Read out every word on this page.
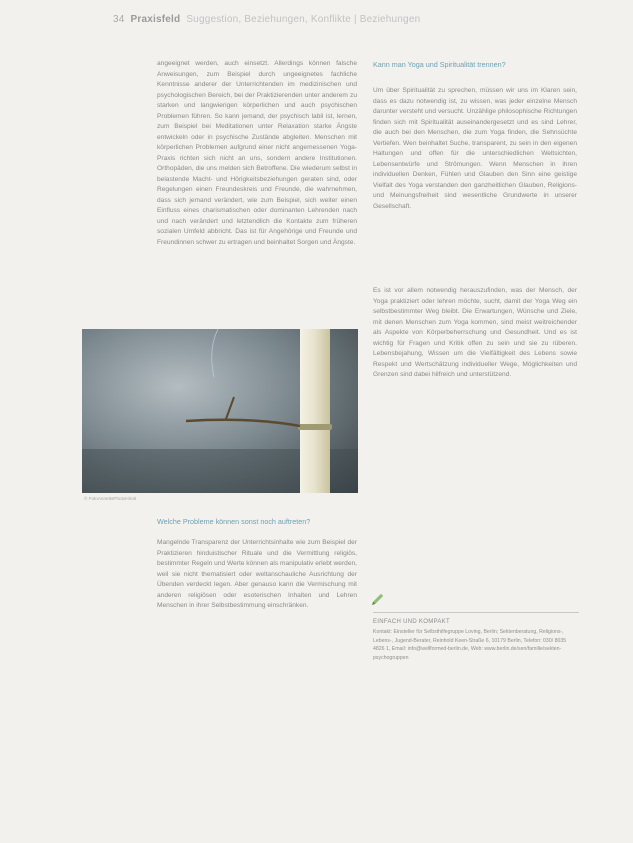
34 Praxisfeld Suggestion, Beziehungen, Konflikte | Beziehungen

angeeignet werden, auch einsetzt. Allerdings können falsche Anweisungen, zum Beispiel durch ungeeignetes fachliche Kenntnisse anderer der Unterrichtenden im medizinischen und psychologischen Bereich, bei der Praktizierenden unter anderem zu starken und langwierigen körperlichen und auch psychischen Problemen führen. So kann jemand, der psychisch labil ist, lernen, zum Beispiel bei Meditationen unter Relaxation starke Ängste entwickeln oder in psychische Zustände abgleiten. Menschen mit körperlichen Problemen aufgrund einer nicht angemessenen Yoga-Praxis richten sich nicht an uns, sondern andere Institutionen. Orthopäden, die uns melden sich Betroffene. Die wiederum selbst in belastende Macht- und Hörigkeitsbeziehungen geraten sind, oder Regelungen einen Freundeskreis und Freunde, die wahrnehmen, dass sich jemand verändert, wie zum Beispiel, sich weiter einen Einfluss eines charismatischen oder dominanten Lehrenden nach und nach verändert und letztendlich die Kontakte zum früheren sozialen Umfeld abbricht. Das ist für Angehörige und Freunde und Freundinnen schwer zu ertragen und beinhaltet Sorgen und Ängste.

Kann man Yoga und Spiritualität trennen?

Um über Spiritualität zu sprechen, müssen wir uns im Klaren sein, dass es dazu notwendig ist, zu wissen, was jeder einzelne Mensch darunter versteht und versucht. Unzählige philosophische Richtungen finden sich mit Spiritualität auseinandergesetzt und es sind Lehrer, die auch bei den Menschen, die zum Yoga finden, die Sehnsüchte Vertiefen. Wen beinhaltet Suche, transparent, zu sein in den eigenen Haltungen und offen für die unterschiedlichen Weltsichten, Lebensentwürfe und Strömungen. Wenn Menschen in ihren individuellen Denken, Fühlen und Glauben den Sinn eine geistige Vielfalt des Yoga verstanden den ganzheitlichen Glauben, Religions- und Meinungsfreiheit sind wesentliche Grundwerte in unserer Gesellschaft.

Es ist vor allem notwendig herauszufinden, was der Mensch, der Yoga praktiziert oder lehren möchte, sucht, damit der Yoga Weg ein selbstbestimmter Weg bleibt. Die Erwartungen, Wünsche und Ziele, mit denen Menschen zum Yoga kommen, sind meist weitreichender als Aspekte von Körperbeherrschung und Gesundheit. Und es ist wichtig für Fragen und Kritik offen zu sein und sie zu rüberen. Lebensbejahung, Wissen um die Vielfältigkeit des Lebens sowie Respekt und Wertschätzung individueller Wege, Möglichkeiten und Grenzen sind dabei hilfreich und unterstützend.

© FotoAnnettsPhotoHiroti
Welche Probleme können sonst noch auftreten?

Mangelnde Transparenz der Unterrichtsinhalte wie zum Beispiel der Praktizieren hinduistischer Rituale und die Vermittlung religiös, bestimmter Regeln und Werte können als manipulativ erlebt werden, weil sie nicht thematisiert oder weltanschauliche Ausrichtung der Übenden verdeckt legen. Aber genauso kann die Vermischung mit anderen religiösen oder esoterischen Inhalten und Lehren Menschen in ihrer Selbstbestimmung einschränken.

EINFACH UND KOMPAKT
Kontakt: Einsteller für Selbsthilfegruppe Loving, Berlin; Sektenberatung, Religions-, Lebens-, Jugend-Berater, Reinhold Keen-Straße 6, 10179 Berlin, Telefon: 030/ 8035 4826 1, Email: info@wellformed-berlin.de, Web: www.berlin.de/sen/familie/sekten-psychogruppen
